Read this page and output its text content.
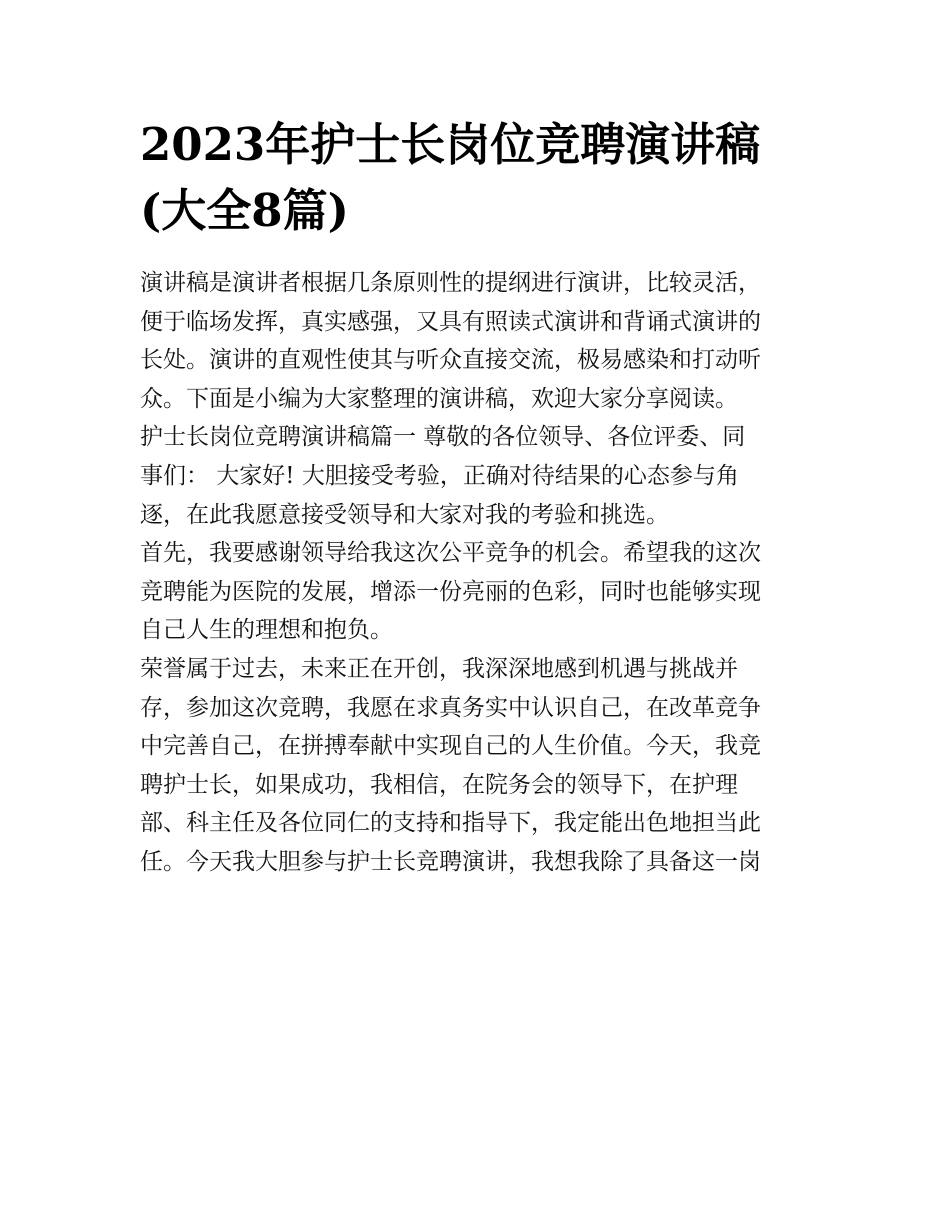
2023年护士长岗位竞聘演讲稿
(大全8篇)

演讲稿是演讲者根据几条原则性的提纲进行演讲，比较灵活，
便于临场发挥，真实感强，又具有照读式演讲和背诵式演讲的
长处。演讲的直观性使其与听众直接交流，极易感染和打动听
众。下面是小编为大家整理的演讲稿，欢迎大家分享阅读。

护士长岗位竞聘演讲稿篇一 尊敬的各位领导、各位评委、同
事们： 大家好! 大胆接受考验，正确对待结果的心态参与角
逐，在此我愿意接受领导和大家对我的考验和挑选。

首先，我要感谢领导给我这次公平竞争的机会。希望我的这次
竞聘能为医院的发展，增添一份亮丽的色彩，同时也能够实现
自己人生的理想和抱负。

荣誉属于过去，未来正在开创，我深深地感到机遇与挑战并
存，参加这次竞聘，我愿在求真务实中认识自己，在改革竞争
中完善自己，在拼搏奉献中实现自己的人生价值。今天，我竞
聘护士长，如果成功，我相信，在院务会的领导下，在护理
部、科主任及各位同仁的支持和指导下，我定能出色地担当此
任。今天我大胆参与护士长竞聘演讲，我想我除了具备这一岗
